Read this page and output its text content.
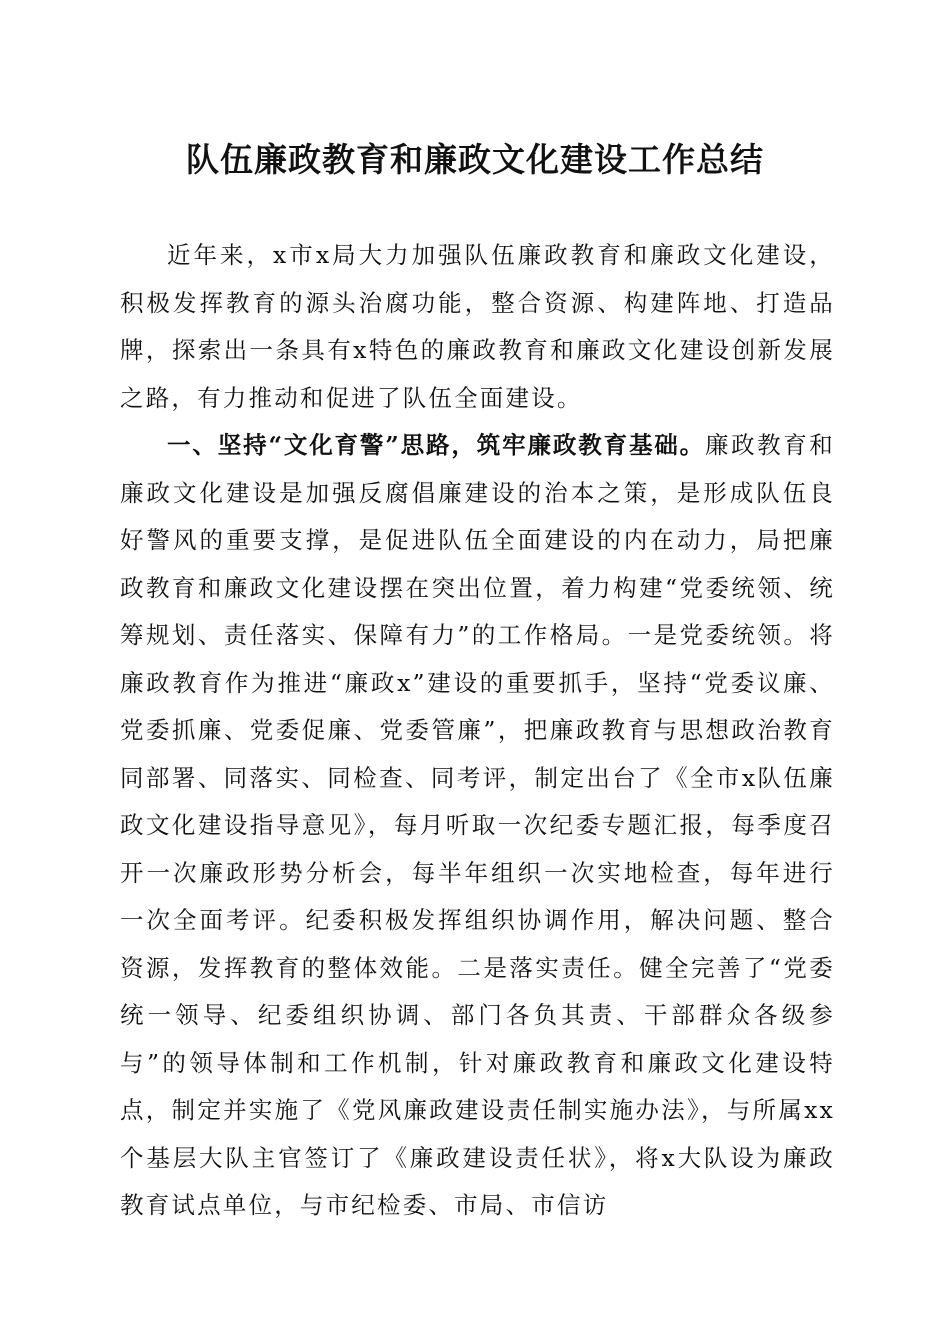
队伍廉政教育和廉政文化建设工作总结

近年来，x市x局大力加强队伍廉政教育和廉政文化建设，积极发挥教育的源头治腐功能，整合资源、构建阵地、打造品牌，探索出一条具有x特色的廉政教育和廉政文化建设创新发展之路，有力推动和促进了队伍全面建设。

一、坚持“文化育警”思路，筑牢廉政教育基础。廉政教育和廉政文化建设是加强反腐倡廉建设的治本之策，是形成队伍良好警风的重要支撑，是促进队伍全面建设的内在动力，局把廉政教育和廉政文化建设摆在突出位置，着力构建“党委统领、统筹规划、责任落实、保障有力”的工作格局。一是党委统领。将廉政教育作为推进“廉政x”建设的重要抓手，坚持“党委议廉、党委抓廉、党委促廉、党委管廉”，把廉政教育与思想政治教育同部署、同落实、同检查、同考评，制定出台了《全市x队伍廉政文化建设指导意见》，每月听取一次纪委专题汇报，每季度召开一次廉政形势分析会，每半年组织一次实地检查，每年进行一次全面考评。纪委积极发挥组织协调作用，解决问题、整合资源，发挥教育的整体效能。二是落实责任。健全完善了“党委统一领导、纪委组织协调、部门各负其责、干部群众各级参与”的领导体制和工作机制，针对廉政教育和廉政文化建设特点，制定并实施了《党风廉政建设责任制实施办法》，与所属xx个基层大队主官签订了《廉政建设责任状》，将x大队设为廉政教育试点单位，与市纪检委、市局、市信访
